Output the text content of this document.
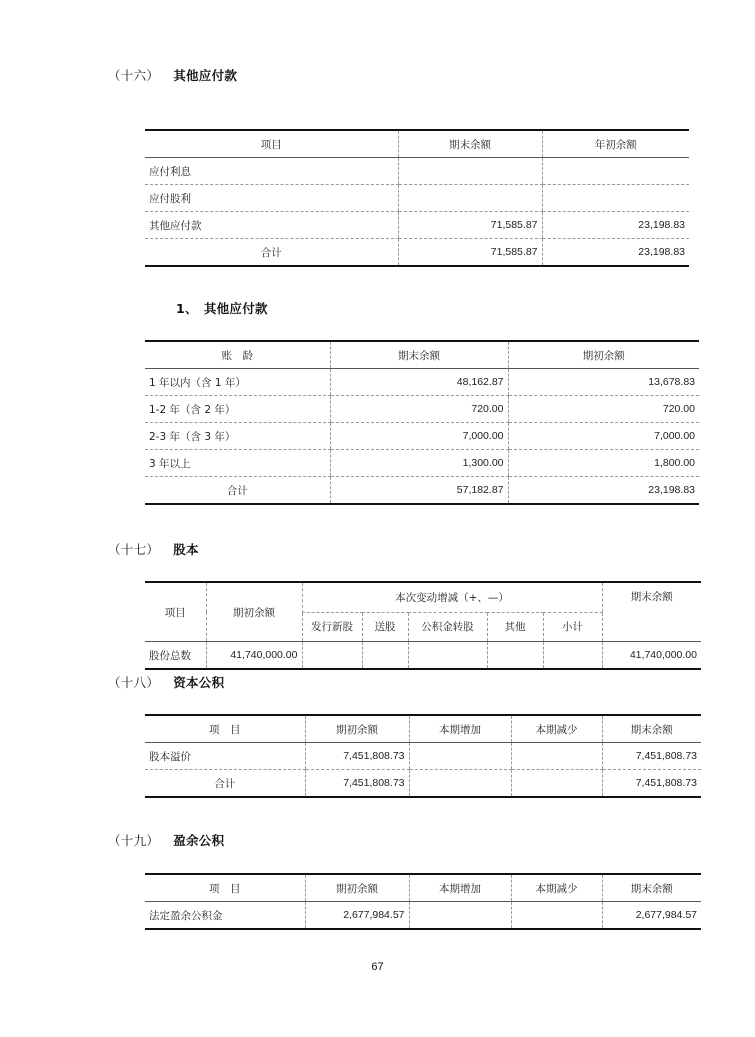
（十六） 其他应付款
项目	期末余额	年初余额
应付利息		
应付股利		
其他应付款	71,585.87	23,198.83
合计	71,585.87	23,198.83
1、 其他应付款
账　龄	期末余额	期初余额
1 年以内（含 1 年）	48,162.87	13,678.83
1-2 年（含 2 年）	720.00	720.00
2-3 年（含 3 年）	7,000.00	7,000.00
3 年以上	1,300.00	1,800.00
合计	57,182.87	23,198.83
（十七） 股本
项目	期初余额	本次变动增减（+、—）					期末余额
		发行新股	送股	公积金转股	其他	小计	
股份总数	41,740,000.00						41,740,000.00
（十八） 资本公积
项　目	期初余额	本期增加	本期减少	期末余额
股本溢价	7,451,808.73			7,451,808.73
合计	7,451,808.73			7,451,808.73
（十九） 盈余公积
项　目	期初余额	本期增加	本期减少	期末余额
法定盈余公积金	2,677,984.57			2,677,984.57
67
